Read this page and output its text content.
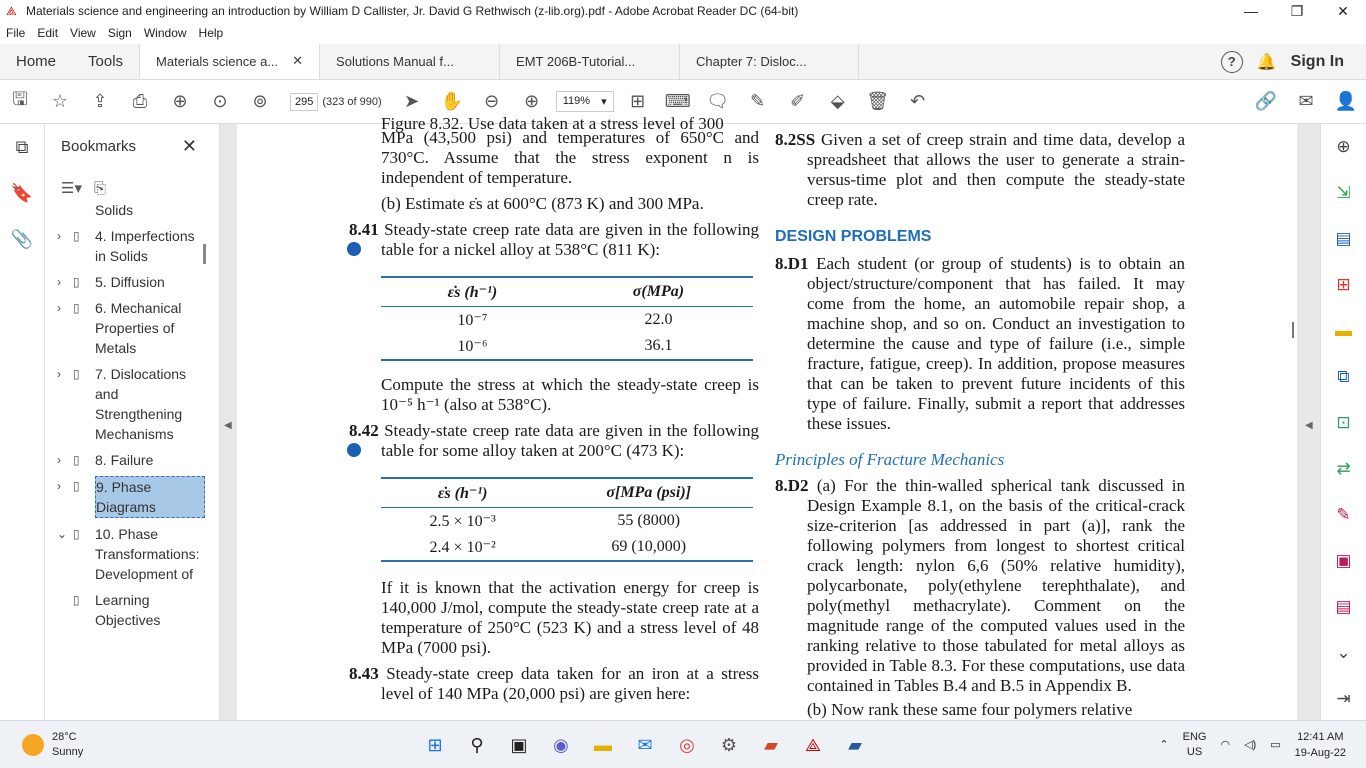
⟁ Materials science and engineering an introduction by William D Callister, Jr. David G Rethwisch (z-lib.org).pdf - Adobe Acrobat Reader DC (64-bit)	—	❐	✕
File	Edit	View	Sign	Window	Help
Home	Tools	Materials science a... ✕	Solutions Manual f...	EMT 206B-Tutorial...	Chapter 7: Disloc...	?	🔔 Sign In
🖫	☆	⇪	⎙	⊕	⊙	⊚	295 (323 of 990)	➤	✋	⊖	⊕	119% ▾	⊞	⌨ 🗨	✎	✐	⬙	🗑	↶	🔗	✉	👤
⧉
🔖
📎
Bookmarks	✕
☰▾ ⎘
Solids
›	▯	4. Imperfections in Solids
›	▯	5. Diffusion
›	▯	6. Mechanical Properties of Metals
›	▯	7. Dislocations and Strengthening Mechanisms
›	▯	8. Failure
›	▯	9. Phase Diagrams
⌄ ▯	10. Phase Transformations: Development of
▯	Learning Objectives
Figure 8.32. Use data taken at a stress level of 300
MPa (43,500 psi) and temperatures of 650°C and 730°C. Assume that the stress exponent n is independent of temperature.
(b) Estimate ε̇s at 600°C (873 K) and 300 MPa.
8.41 Steady-state creep rate data are given in the following table for a nickel alloy at 538°C (811 K):
+
ε̇s (h⁻¹)	σ(MPa)
10⁻⁷	22.0
10⁻⁶	36.1
Compute the stress at which the steady-state creep is 10⁻⁵ h⁻¹ (also at 538°C).
8.42 Steady-state creep rate data are given in the following table for some alloy taken at 200°C (473 K):
+
ε̇s (h⁻¹)	σ[MPa (psi)]
2.5 × 10⁻³	55 (8000)
2.4 × 10⁻²	69 (10,000)
If it is known that the activation energy for creep is 140,000 J/mol, compute the steady-state creep rate at a temperature of 250°C (523 K) and a stress level of 48 MPa (7000 psi).
8.43 Steady-state creep data taken for an iron at a stress level of 140 MPa (20,000 psi) are given here:
8.2SS Given a set of creep strain and time data, develop a spreadsheet that allows the user to generate a strain-versus-time plot and then compute the steady-state creep rate.
DESIGN PROBLEMS
8.D1 Each student (or group of students) is to obtain an object/structure/component that has failed. It may come from the home, an automobile repair shop, a machine shop, and so on. Conduct an investigation to determine the cause and type of failure (i.e., simple fracture, fatigue, creep). In addition, propose measures that can be taken to prevent future incidents of this type of failure. Finally, submit a report that addresses these issues.
Principles of Fracture Mechanics
8.D2 (a) For the thin-walled spherical tank discussed in Design Example 8.1, on the basis of the critical-crack size-criterion [as addressed in part (a)], rank the following polymers from longest to shortest critical crack length: nylon 6,6 (50% relative humidity), polycarbonate, poly(ethylene terephthalate), and poly(methyl methacrylate). Comment on the magnitude range of the computed values used in the ranking relative to those tabulated for metal alloys as provided in Table 8.3. For these computations, use data contained in Tables B.4 and B.5 in Appendix B.
(b) Now rank these same four polymers relative
◀	◀
⊕
⇲
▤
⊞
▬
⧉
⊡
⇄
✎
▣
▤
⌄
⇥
28°C
Sunny	⊞	⚲	▣	◉	▬	✉	◎	⚙	▰	⟁	▰	⌃
ENG
US
◠ ◁) ▭
12:41 AM
19-Aug-22
